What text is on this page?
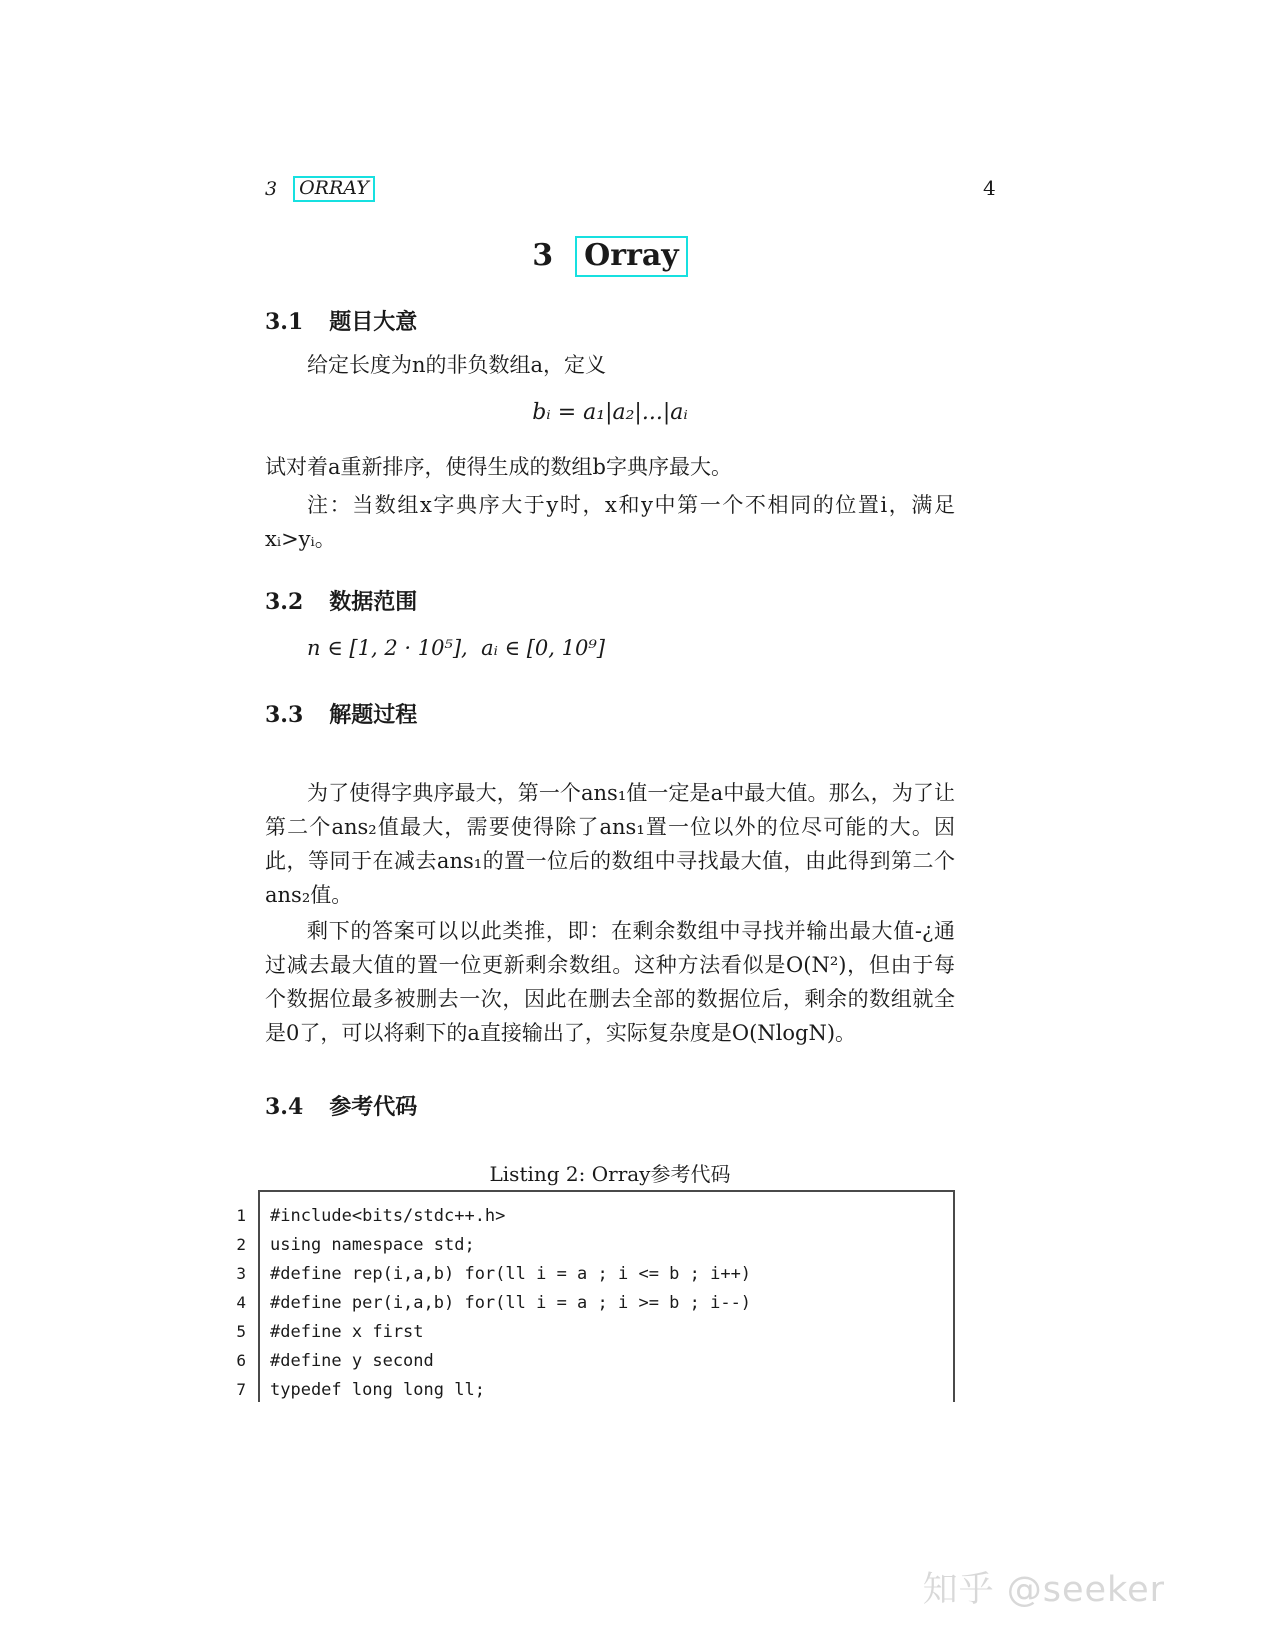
3	ORRAY	4
3 Orray
3.1 题目大意
给定长度为n的非负数组a，定义
bᵢ = a₁|a₂|...|aᵢ
试对着a重新排序，使得生成的数组b字典序最大。
注：当数组x字典序大于y时，x和y中第一个不相同的位置i，满足xᵢ>yᵢ。
3.2 数据范围
n ∈ [1, 2 · 10⁵],  aᵢ ∈ [0, 10⁹]
3.3 解题过程
为了使得字典序最大，第一个ans₁值一定是a中最大值。那么，为了让第二个ans₂值最大，需要使得除了ans₁置一位以外的位尽可能的大。因此，等同于在减去ans₁的置一位后的数组中寻找最大值，由此得到第二个ans₂值。
剩下的答案可以以此类推，即：在剩余数组中寻找并输出最大值-¿通过减去最大值的置一位更新剩余数组。这种方法看似是O(N²)，但由于每个数据位最多被删去一次，因此在删去全部的数据位后，剩余的数组就全是0了，可以将剩下的a直接输出了，实际复杂度是O(NlogN)。
3.4 参考代码
Listing 2: Orray参考代码
1 #include<bits/stdc++.h>
2 using namespace std;
3 #define rep(i,a,b) for(ll i = a ; i <= b ; i++)
4 #define per(i,a,b) for(ll i = a ; i >= b ; i--)
5 #define x first
6 #define y second
7 typedef long long ll;
知乎 @seeker
